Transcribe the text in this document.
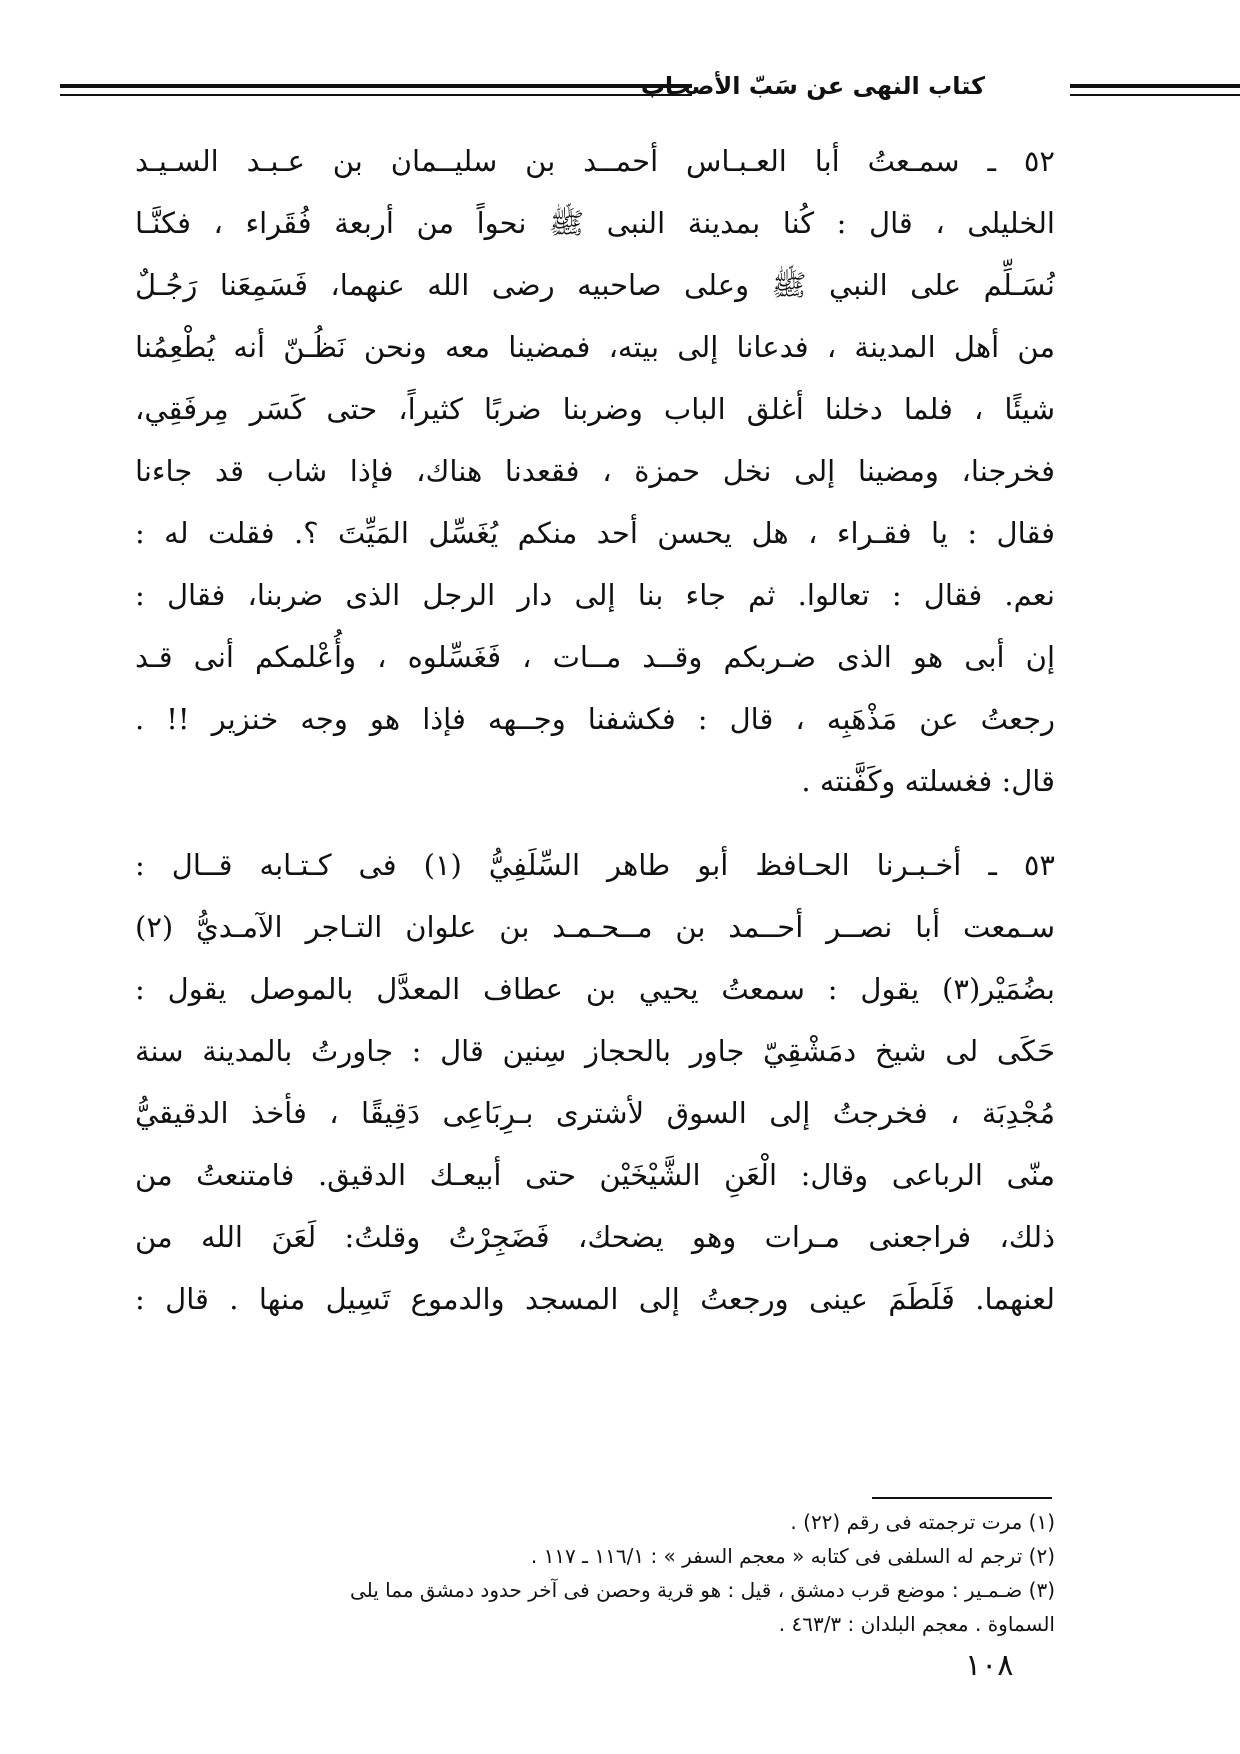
كتاب النهى عن سَبّ الأصحاب

٥٢ ـ سمـعتُ أبا العـبـاس أحمــد بن سليــمان بن عـبـد السـيـد
الخليلى ، قال : كُنا بمدينة النبى ﷺ نحواً من أربعة فُقَراء ، فكنَّـا
نُسَـلِّم على النبي ﷺ وعلى صاحبيه رضى الله عنهما، فَسَمِعَنا رَجُـلٌ
من أهل المدينة ، فدعانا إلى بيته، فمضينا معه ونحن نَظُـنّ أنه يُطْعِمُنا
شيئًا ، فلما دخلنا أغلق الباب وضربنا ضربًا كثيراً، حتى كَسَر مِرفَقِي،
فخرجنا، ومضينا إلى نخل حمزة ، فقعدنا هناك، فإذا شاب قد جاءنا
فقال : يا فقـراء ، هل يحسن أحد منكم يُغَسِّل المَيِّتَ ؟. فقلت له :
نعم. فقال : تعالوا. ثم جاء بنا إلى دار الرجل الذى ضربنا، فقال :
إن أبى هو الذى ضـربكم وقــد مــات ، فَغَسِّلوه ، وأُعْلمكم أنى قـد
رجعتُ عن مَذْهَبِه ، قال : فكشفنا وجــهه فإذا هو وجه خنزير !! .
قال: فغسلته وكَفَّنته .

٥٣ ـ أخـبـرنا الحـافظ أبو طاهر السِّلَفِيُّ (١) فى كـتـابه قــال :
سـمعت أبا نصــر أحــمد بن مــحـمـد بن علوان التـاجر الآمـديُّ (٢)
بضُمَيْر(٣) يقول : سمعتُ يحيي بن عطاف المعدَّل بالموصل يقول :
حَكَى لى شيخ دمَشْقِيّ جاور بالحجاز سِنين قال : جاورتُ بالمدينة سنة
مُجْدِبَة ، فخرجتُ إلى السوق لأشترى بـرِبَاعِى دَقِيقًا ، فأخذ الدقيقيُّ
منّى الرباعى وقال: الْعَنِ الشَّيْخَيْن حتى أبيعـك الدقيق. فامتنعتُ من
ذلك، فراجعنى مـرات وهو يضحك، فَضَجِرْتُ وقلتُ: لَعَنَ الله من
لعنهما. فَلَطَمَ عينى ورجعتُ إلى المسجد والدموع تَسِيل منها . قال :

(١) مرت ترجمته فى رقم (٢٢) .
(٢) ترجم له السلفى فى كتابه « معجم السفر » : ١١٦/١ ـ ١١٧ .
(٣) ضـمـير : موضع قرب دمشق ، قيل : هو قرية وحصن فى آخر حدود دمشق مما يلى
السماوة . معجم البلدان : ٤٦٣/٣ .
١٠٨
